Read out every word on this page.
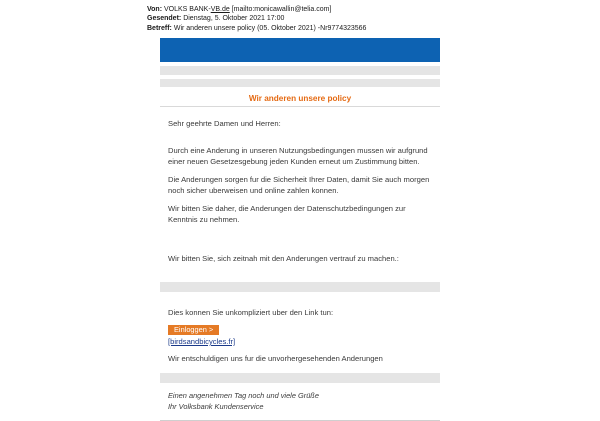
Von: VOLKS BANK-VB.de [mailto:monicawallin@telia.com]
Gesendet: Dienstag, 5. Oktober 2021 17:00
Betreff: Wir anderen unsere policy (05. Oktober 2021) -Nr9774323566
Wir anderen unsere policy

Sehr geehrte Damen und Herren:

Durch eine Anderung in unseren Nutzungsbedingungen mussen wir aufgrund

einer neuen Gesetzesgebung jeden Kunden erneut um Zustimmung bitten.

Die Anderungen sorgen fur die Sicherheit Ihrer Daten, damit Sie auch morgen

noch sicher uberweisen und online zahlen konnen.

Wir bitten Sie daher, die Anderungen der Datenschutzbedingungen zur

Kenntnis zu nehmen.

Wir bitten Sie, sich zeitnah mit den Anderungen vertrauf zu machen.:

Dies konnen Sie unkompliziert uber den Link tun:

Einloggen >
[birdsandbicycles.fr]

Wir entschuldigen uns fur die unvorhergesehenden Anderungen

Einen angenehmen Tag noch und viele Grüße

Ihr Volksbank Kundenservice
